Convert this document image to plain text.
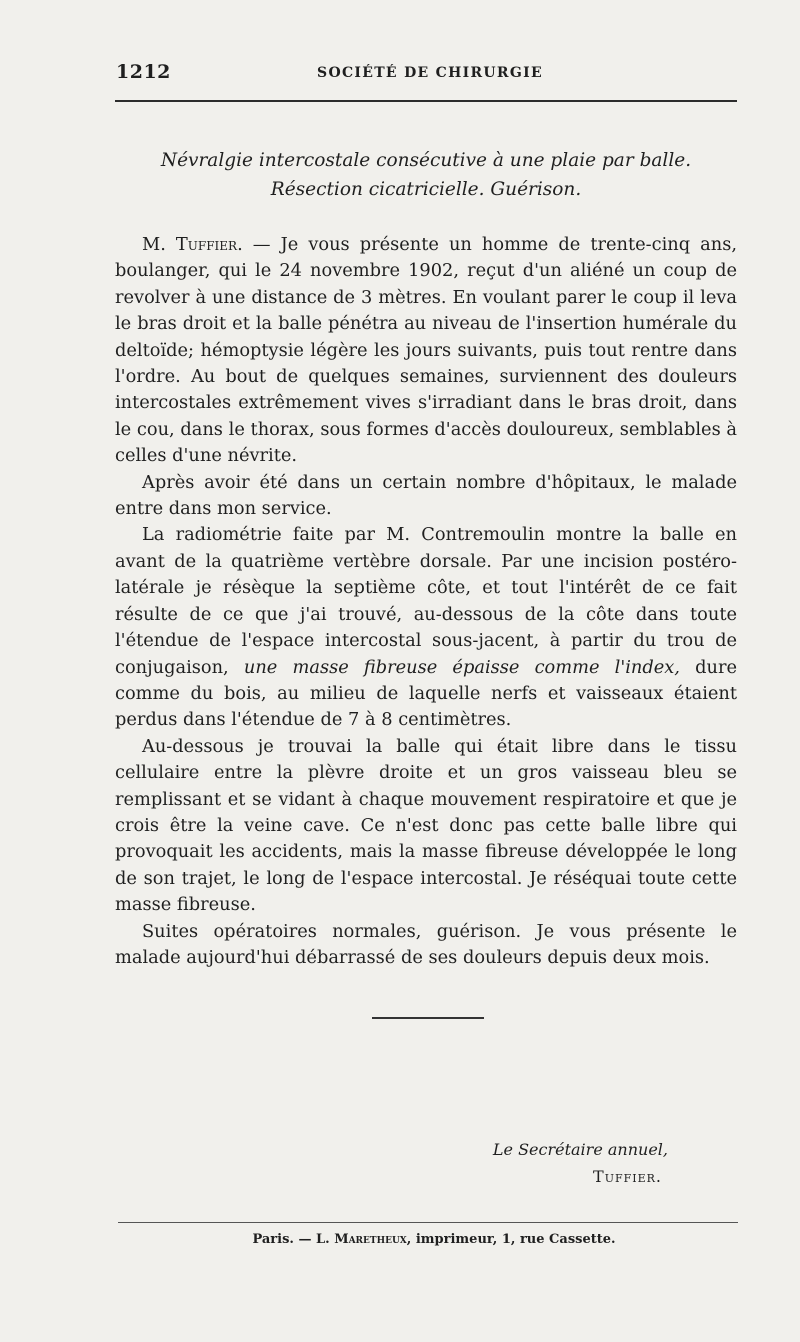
1212	SOCIÉTÉ DE CHIRURGIE
Névralgie intercostale consécutive à une plaie par balle.
Résection cicatricielle. Guérison.

M. Tuffier. — Je vous présente un homme de trente-cinq ans, boulanger, qui le 24 novembre 1902, reçut d'un aliéné un coup de revolver à une distance de 3 mètres. En voulant parer le coup il leva le bras droit et la balle pénétra au niveau de l'insertion humérale du deltoïde; hémoptysie légère les jours suivants, puis tout rentre dans l'ordre. Au bout de quelques semaines, surviennent des douleurs intercostales extrêmement vives s'irradiant dans le bras droit, dans le cou, dans le thorax, sous formes d'accès douloureux, semblables à celles d'une névrite.

Après avoir été dans un certain nombre d'hôpitaux, le malade entre dans mon service.

La radiométrie faite par M. Contremoulin montre la balle en avant de la quatrième vertèbre dorsale. Par une incision postéro-latérale je résèque la septième côte, et tout l'intérêt de ce fait résulte de ce que j'ai trouvé, au-dessous de la côte dans toute l'étendue de l'espace intercostal sous-jacent, à partir du trou de conjugaison, une masse fibreuse épaisse comme l'index, dure comme du bois, au milieu de laquelle nerfs et vaisseaux étaient perdus dans l'étendue de 7 à 8 centimètres.

Au-dessous je trouvai la balle qui était libre dans le tissu cellulaire entre la plèvre droite et un gros vaisseau bleu se remplissant et se vidant à chaque mouvement respiratoire et que je crois être la veine cave. Ce n'est donc pas cette balle libre qui provoquait les accidents, mais la masse fibreuse développée le long de son trajet, le long de l'espace intercostal. Je réséquai toute cette masse fibreuse.

Suites opératoires normales, guérison. Je vous présente le malade aujourd'hui débarrassé de ses douleurs depuis deux mois.

Le Secrétaire annuel,
Tuffier.
Paris. — L. Maretheux, imprimeur, 1, rue Cassette.
